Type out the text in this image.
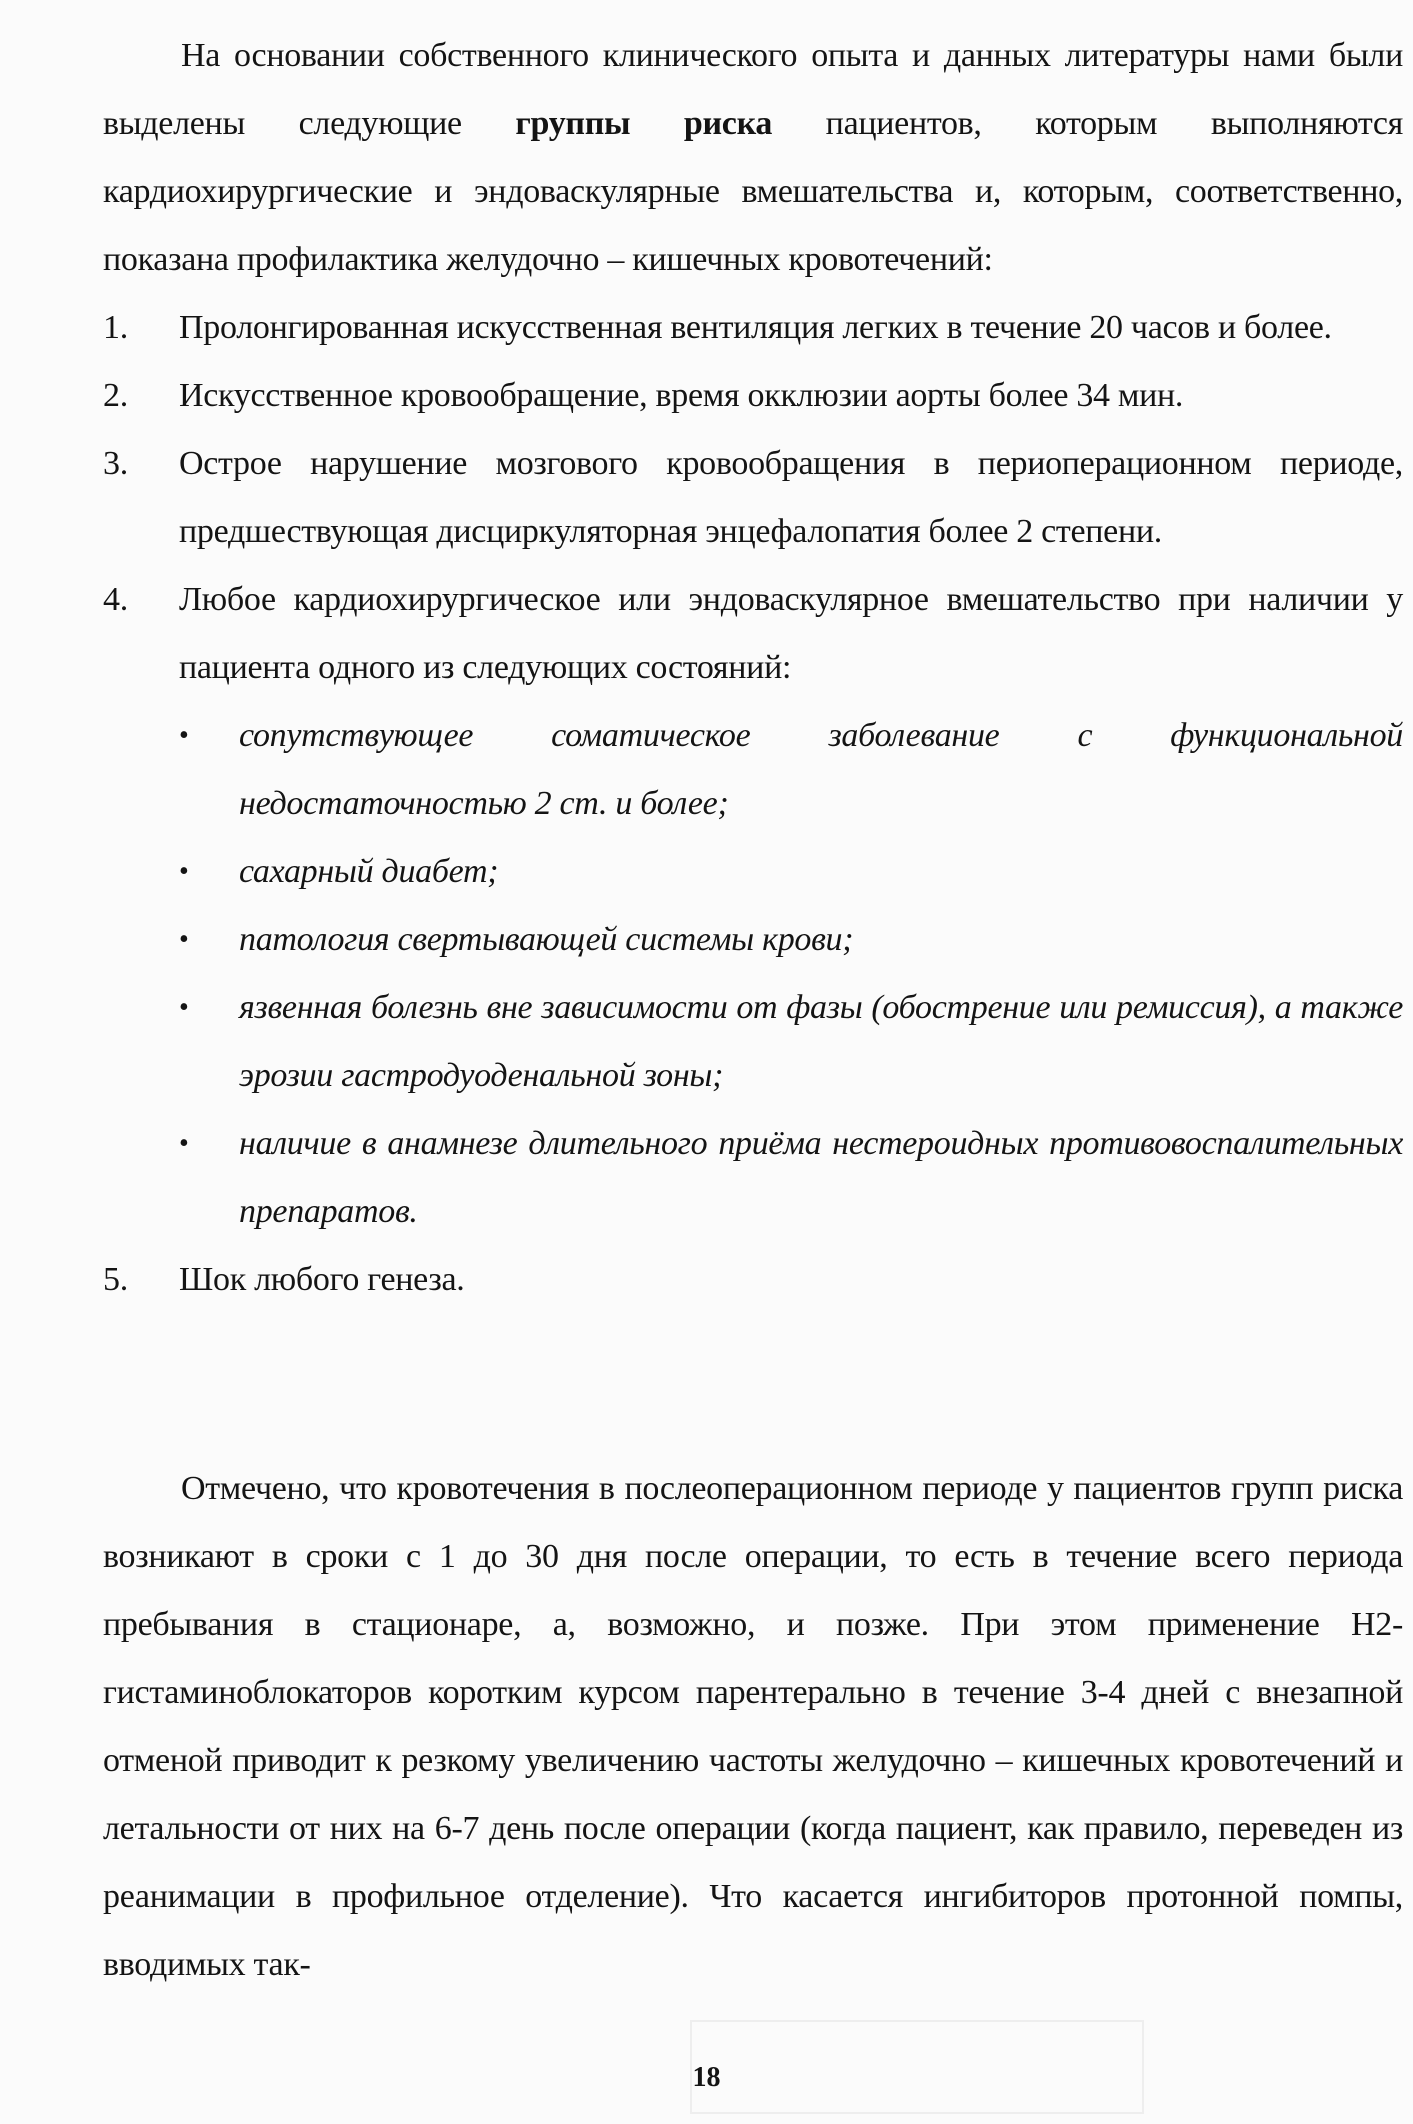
На основании собственного клинического опыта и данных литературы нами были выделены следующие группы риска пациентов, которым выполняются кардиохирургические и эндоваскулярные вмешательства и, которым, соответственно, показана профилактика желудочно – кишечных кровотечений:

1. Пролонгированная искусственная вентиляция легких в течение 20 часов и более.
2. Искусственное кровообращение, время окклюзии аорты более 34 мин.
3. Острое нарушение мозгового кровообращения в периоперационном периоде, предшествующая дисциркуляторная энцефалопатия более 2 степени.
4. Любое кардиохирургическое или эндоваскулярное вмешательство при наличии у пациента одного из следующих состояний:
• сопутствующее соматическое заболевание с функциональной недостаточностью 2 ст. и более;
• сахарный диабет;
• патология свертывающей системы крови;
• язвенная болезнь вне зависимости от фазы (обострение или ремиссия), а также эрозии гастродуоденальной зоны;
• наличие в анамнезе длительного приёма нестероидных противовоспалительных препаратов.
5. Шок любого генеза.

Отмечено, что кровотечения в послеоперационном периоде у пациентов групп риска возникают в сроки с 1 до 30 дня после операции, то есть в течение всего периода пребывания в стационаре, а, возможно, и позже. При этом применение Н2-гистаминоблокаторов коротким курсом парентерально в течение 3-4 дней с внезапной отменой приводит к резкому увеличению частоты желудочно – кишечных кровотечений и летальности от них на 6-7 день после операции (когда пациент, как правило, переведен из реанимации в профильное отделение). Что касается ингибиторов протонной помпы, вводимых так-

18
